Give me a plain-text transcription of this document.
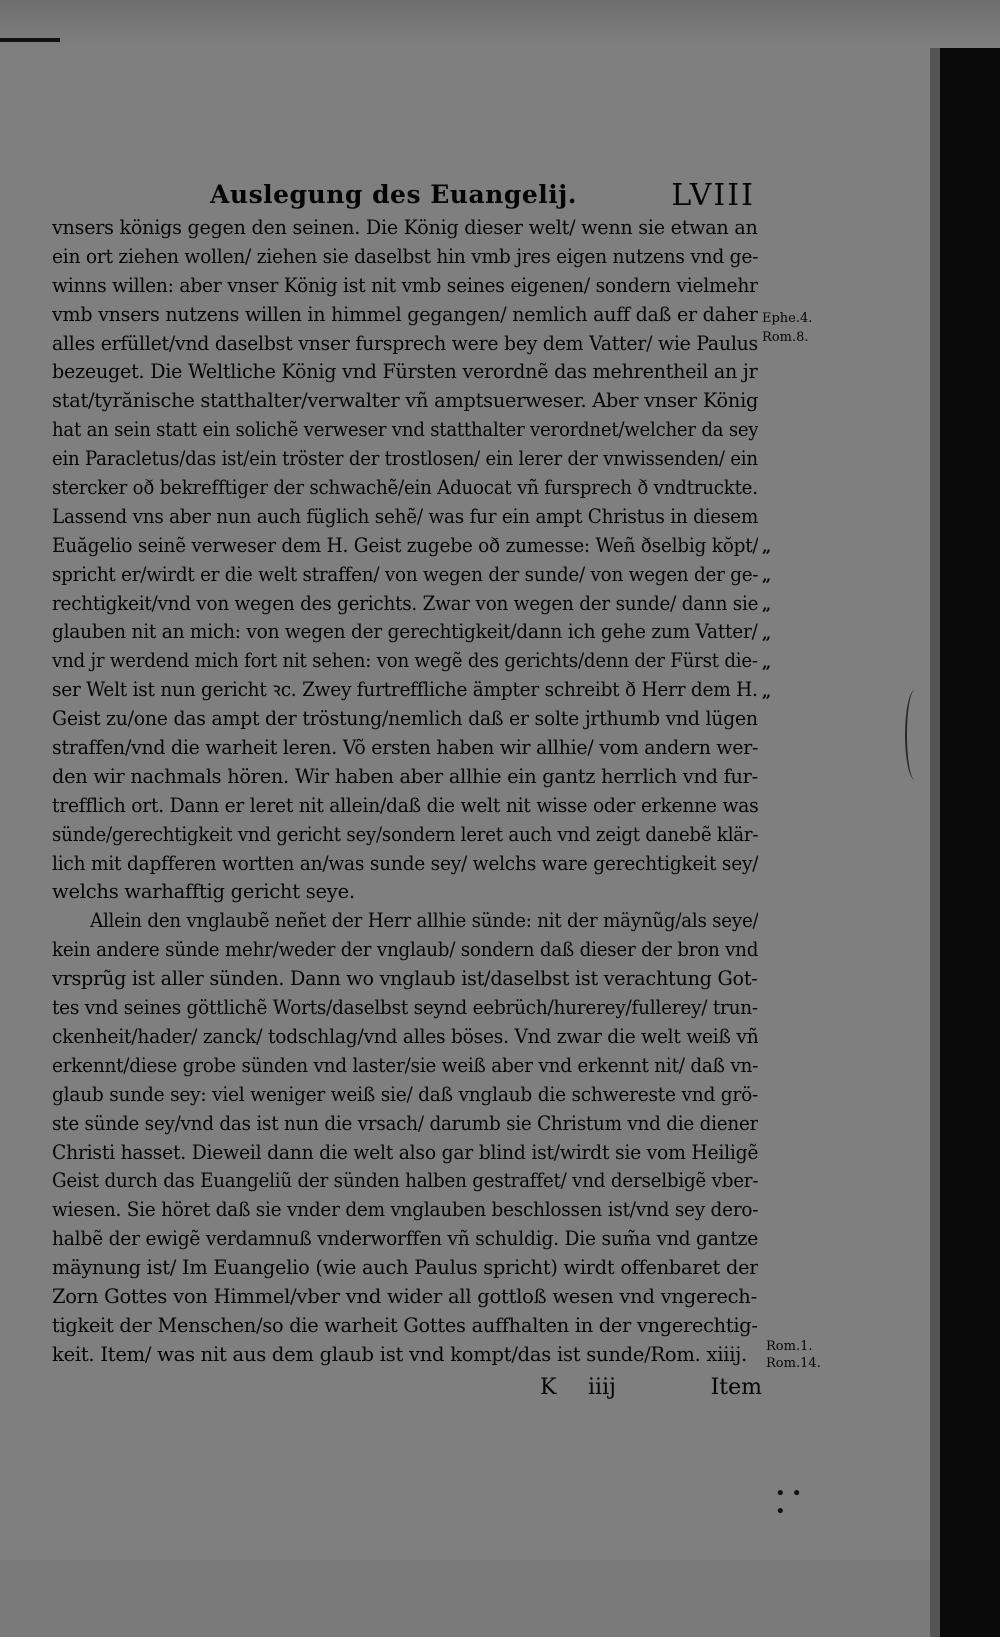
• •
•
Auslegung des Euangelij.	LVIII
vnsers königs gegen den seinen. Die König dieser welt/ wenn sie etwan an
ein ort ziehen wollen/ ziehen sie daselbst hin vmb jres eigen nutzens vnd ge-
winns willen: aber vnser König ist nit vmb seines eigenen/ sondern vielmehr
vmb vnsers nutzens willen in himmel gegangen/ nemlich auff daß er daher
alles erfüllet/vnd daselbst vnser fursprech were bey dem Vatter/ wie Paulus
bezeuget. Die Weltliche König vnd Fürsten verordnẽ das mehrentheil an jr
stat/tyrănische statthalter/verwalter vñ amptsuerweser. Aber vnser König
hat an sein statt ein solichẽ verweser vnd statthalter verordnet/welcher da sey
ein Paracletus/das ist/ein tröster der trostlosen/ ein lerer der vnwissenden/ ein
stercker oð bekrefftiger der schwachẽ/ein Aduocat vñ fursprech ð vndtruckte.
Lassend vns aber nun auch füglich sehẽ/ was fur ein ampt Christus in diesem
Euăgelio seinẽ verweser dem H. Geist zugebe oð zumesse: Weñ ðselbig kŏpt/
spricht er/wirdt er die welt straffen/ von wegen der sunde/ von wegen der ge-
rechtigkeit/vnd von wegen des gerichts. Zwar von wegen der sunde/ dann sie
glauben nit an mich: von wegen der gerechtigkeit/dann ich gehe zum Vatter/
vnd jr werdend mich fort nit sehen: von wegẽ des gerichts/denn der Fürst die-
ser Welt ist nun gericht ꝛc. Zwey furtreffliche ämpter schreibt ð Herr dem H.
Geist zu/one das ampt der tröstung/nemlich daß er solte jrthumb vnd lügen
straffen/vnd die warheit leren. Võ ersten haben wir allhie/ vom andern wer-
den wir nachmals hören. Wir haben aber allhie ein gantz herrlich vnd fur-
trefflich ort. Dann er leret nit allein/daß die welt nit wisse oder erkenne was
sünde/gerechtigkeit vnd gericht sey/sondern leret auch vnd zeigt danebẽ klär-
lich mit dapfferen wortten an/was sunde sey/ welchs ware gerechtigkeit sey/
welchs warhafftig gericht seye.
Allein den vnglaubẽ neñet der Herr allhie sünde: nit der mäynũg/als seye/
kein andere sünde mehr/weder der vnglaub/ sondern daß dieser der bron vnd
vrsprũg ist aller sünden. Dann wo vnglaub ist/daselbst ist verachtung Got-
tes vnd seines göttlichẽ Worts/daselbst seynd eebrüch/hurerey/fullerey/ trun-
ckenheit/hader/ zanck/ todschlag/vnd alles böses. Vnd zwar die welt weiß vñ
erkennt/diese grobe sünden vnd laster/sie weiß aber vnd erkennt nit/ daß vn-
glaub sunde sey: viel weniger weiß sie/ daß vnglaub die schwereste vnd grö-
ste sünde sey/vnd das ist nun die vrsach/ darumb sie Christum vnd die diener
Christi hasset. Dieweil dann die welt also gar blind ist/wirdt sie vom Heiligẽ
Geist durch das Euangeliũ der sünden halben gestraffet/ vnd derselbigẽ vber-
wiesen. Sie höret daß sie vnder dem vnglauben beschlossen ist/vnd sey dero-
halbẽ der ewigẽ verdamnuß vnderworffen vñ schuldig. Die sum̃a vnd gantze
mäynung ist/ Im Euangelio (wie auch Paulus spricht) wirdt offenbaret der
Zorn Gottes von Himmel/vber vnd wider all gottloß wesen vnd vngerech-
tigkeit der Menschen/so die warheit Gottes auffhalten in der vngerechtig-
keit. Item/ was nit aus dem glaub ist vnd kompt/das ist sunde/Rom. xiiij.
Ephe.4.
Rom.8.
Rom.1.
Rom.14.
„
„
„
„
„
„
K iiij	Item
